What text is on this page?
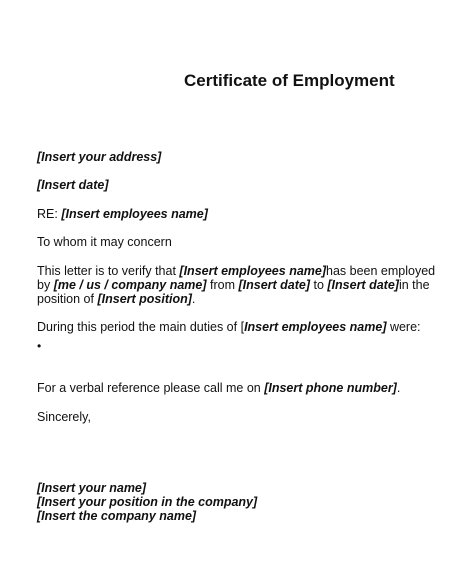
Certificate of Employment
[Insert your address]
[Insert date]
RE: [Insert employees name]
To whom it may concern
This letter is to verify that [Insert employees name]has been employed
by [me / us / company name] from [Insert date] to [Insert date]in the
position of [Insert position].
During this period the main duties of [Insert employees name] were:
•
For a verbal reference please call me on [Insert phone number].
Sincerely,
[Insert your name]
[Insert your position in the company]
[Insert the company name]
